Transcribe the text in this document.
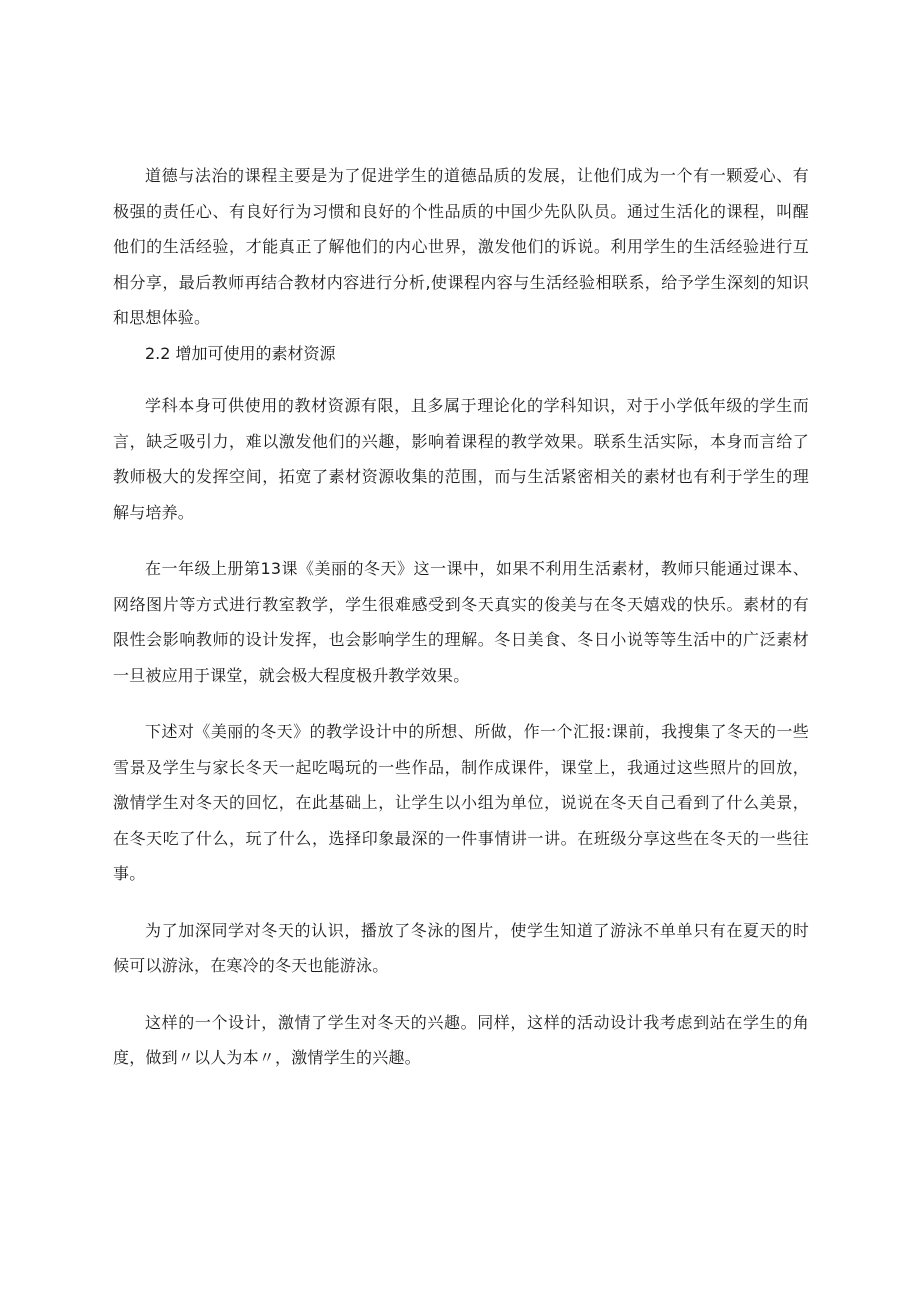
道德与法治的课程主要是为了促进学生的道德品质的发展，让他们成为一个有一颗爱心、有极强的责任心、有良好行为习惯和良好的个性品质的中国少先队队员。通过生活化的课程，叫醒他们的生活经验，才能真正了解他们的内心世界，激发他们的诉说。利用学生的生活经验进行互相分享，最后教师再结合教材内容进行分析,使课程内容与生活经验相联系，给予学生深刻的知识和思想体验。

2.2 增加可使用的素材资源

学科本身可供使用的教材资源有限，且多属于理论化的学科知识，对于小学低年级的学生而言，缺乏吸引力，难以激发他们的兴趣，影响着课程的教学效果。联系生活实际，本身而言给了教师极大的发挥空间，拓宽了素材资源收集的范围，而与生活紧密相关的素材也有利于学生的理解与培养。

在一年级上册第13课《美丽的冬天》这一课中，如果不利用生活素材，教师只能通过课本、网络图片等方式进行教室教学，学生很难感受到冬天真实的俊美与在冬天嬉戏的快乐。素材的有限性会影响教师的设计发挥，也会影响学生的理解。冬日美食、冬日小说等等生活中的广泛素材一旦被应用于课堂，就会极大程度极升教学效果。

下述对《美丽的冬天》的教学设计中的所想、所做，作一个汇报:课前，我搜集了冬天的一些雪景及学生与家长冬天一起吃喝玩的一些作品，制作成课件，课堂上，我通过这些照片的回放，激情学生对冬天的回忆，在此基础上，让学生以小组为单位，说说在冬天自己看到了什么美景，在冬天吃了什么，玩了什么，选择印象最深的一件事情讲一讲。在班级分享这些在冬天的一些往事。

为了加深同学对冬天的认识，播放了冬泳的图片，使学生知道了游泳不单单只有在夏天的时候可以游泳，在寒冷的冬天也能游泳。

这样的一个设计，激情了学生对冬天的兴趣。同样，这样的活动设计我考虑到站在学生的角度，做到〃以人为本〃，激情学生的兴趣。
